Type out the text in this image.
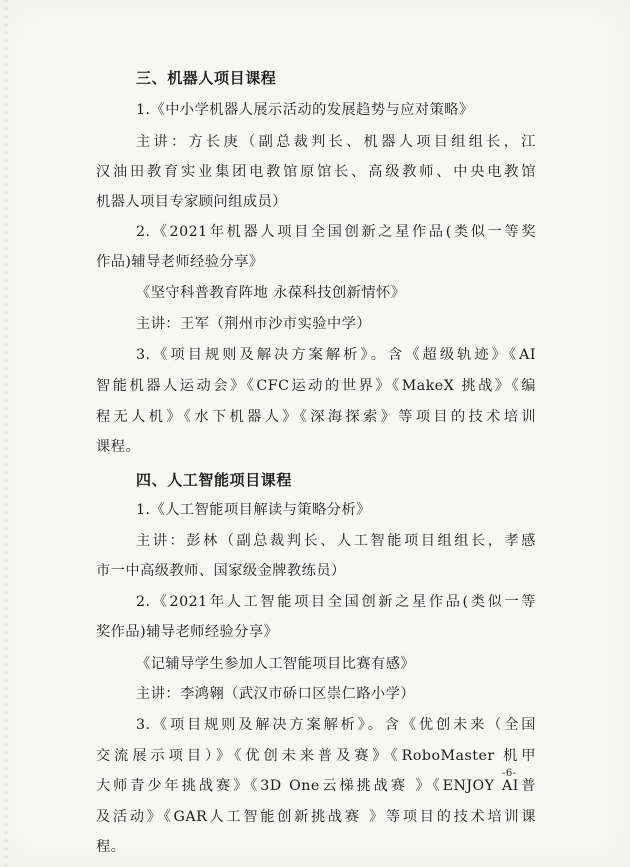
三、机器人项目课程
1.《中小学机器人展示活动的发展趋势与应对策略》
主讲：方长庚（副总裁判长、机器人项目组组长，江
汉油田教育实业集团电教馆原馆长、高级教师、中央电教馆
机器人项目专家顾问组成员）
2.《2021年机器人项目全国创新之星作品(类似一等奖
作品)辅导老师经验分享》
《坚守科普教育阵地 永葆科技创新情怀》
主讲：王军（荆州市沙市实验中学）
3.《项目规则及解决方案解析》。含《超级轨迹》《AI
智能机器人运动会》《CFC运动的世界》《MakeX 挑战》《编
程无人机》《水下机器人》《深海探索》等项目的技术培训
课程。
四、人工智能项目课程
1.《人工智能项目解读与策略分析》
主讲：彭林（副总裁判长、人工智能项目组组长，孝感
市一中高级教师、国家级金牌教练员）
2.《2021年人工智能项目全国创新之星作品(类似一等
奖作品)辅导老师经验分享》
《记辅导学生参加人工智能项目比赛有感》
主讲：李鸿翱（武汉市硚口区崇仁路小学）
3.《项目规则及解决方案解析》。含《优创未来（全国
交流展示项目）》《优创未来普及赛》《RoboMaster 机甲
大师青少年挑战赛》《3D One云梯挑战赛 》《ENJOY AI普
及活动》《GAR人工智能创新挑战赛 》等项目的技术培训课
程。
-6-
